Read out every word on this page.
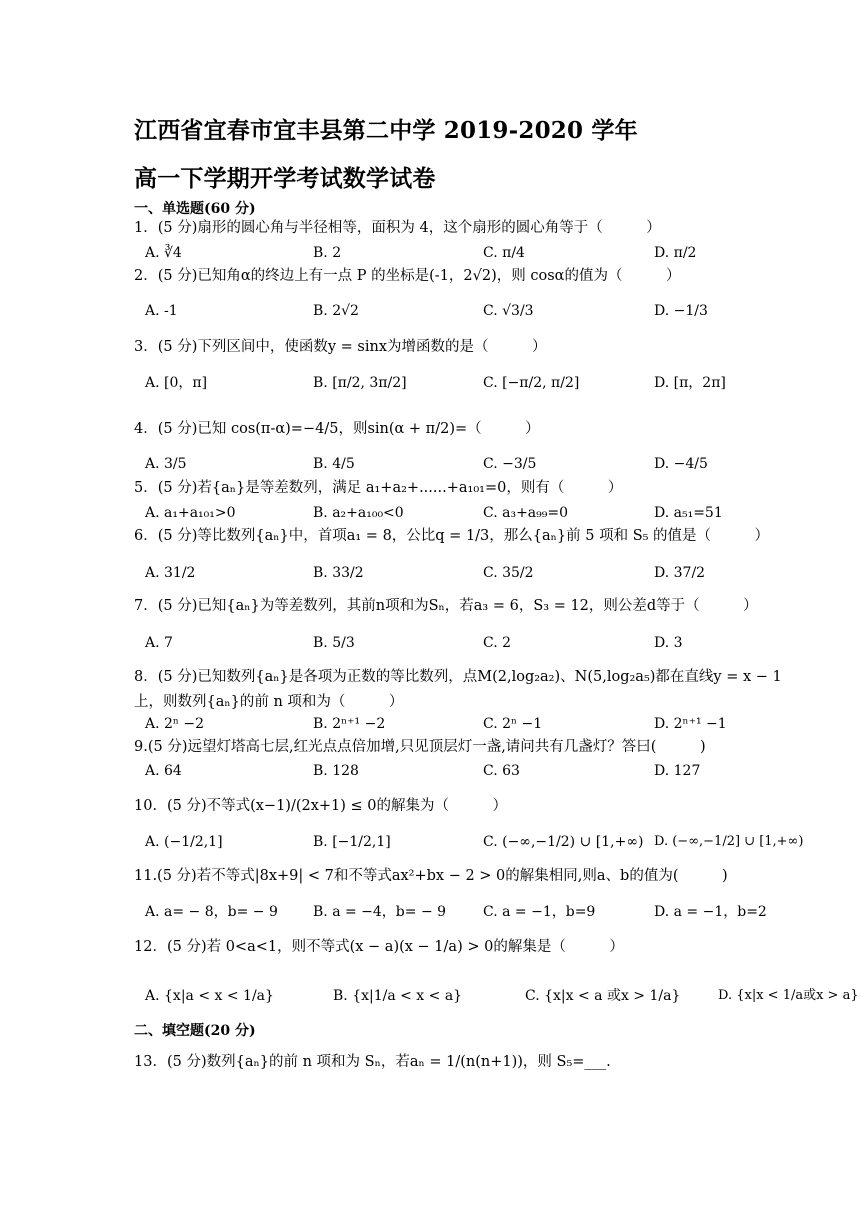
江西省宜春市宜丰县第二中学 2019-2020 学年
高一下学期开学考试数学试卷
一、单选题(60 分)
1．(5 分)扇形的圆心角与半径相等，面积为 4，这个扇形的圆心角等于（　　　）
A. ∛4	B. 2	C. π/4	D. π/2
2．(5 分)已知角α的终边上有一点 P 的坐标是(-1，2√2)，则 cosα的值为（　　　）
A. -1	B. 2√2	C. √3/3	D. −1/3
3．(5 分)下列区间中，使函数y = sinx为增函数的是（　　　）
A. [0，π]	B. [π/2, 3π/2]	C. [−π/2, π/2]	D. [π，2π]
4．(5 分)已知 cos(π-α)=−4/5，则sin(α + π/2)=（　　　）
A. 3/5	B. 4/5	C. −3/5	D. −4/5
5．(5 分)若{aₙ}是等差数列，满足 a₁+a₂+......+a₁₀₁=0，则有（　　　）
A. a₁+a₁₀₁>0	B. a₂+a₁₀₀<0	C. a₃+a₉₉=0	D. a₅₁=51
6．(5 分)等比数列{aₙ}中，首项a₁ = 8，公比q = 1/3，那么{aₙ}前 5 项和 S₅ 的值是（　　　）
A. 31/2	B. 33/2	C. 35/2	D. 37/2
7．(5 分)已知{aₙ}为等差数列，其前n项和为Sₙ，若a₃ = 6，S₃ = 12，则公差d等于（　　　）
A. 7	B. 5/3	C. 2	D. 3
8．(5 分)已知数列{aₙ}是各项为正数的等比数列，点M(2,log₂a₂)、N(5,log₂a₅)都在直线y = x − 1
上，则数列{aₙ}的前 n 项和为（　　　）
A. 2ⁿ −2	B. 2ⁿ⁺¹ −2	C. 2ⁿ −1	D. 2ⁿ⁺¹ −1
9.(5 分)远望灯塔高七层,红光点点倍加增,只见顶层灯一盏,请问共有几盏灯？答曰(　　　)
A. 64	B. 128	C. 63	D. 127
10．(5 分)不等式(x−1)/(2x+1) ≤ 0的解集为（　　　）
A. (−1/2,1]	B. [−1/2,1]	C. (−∞,−1/2) ∪ [1,+∞) D. (−∞,−1/2] ∪ [1,+∞)
11.(5 分)若不等式|8x+9| < 7和不等式ax²+bx − 2 > 0的解集相同,则a、b的值为(　　　)
A. a= − 8，b= − 9	B. a = −4，b= − 9	C. a = −1，b=9	D. a = −1，b=2
12．(5 分)若 0<a<1，则不等式(x − a)(x − 1/a) > 0的解集是（　　　）
A. {x|a < x < 1/a}	B. {x|1/a < x < a}	C. {x|x < a 或x > 1/a}	D. {x|x < 1/a或x > a}
二、填空题(20 分)
13．(5 分)数列{aₙ}的前 n 项和为 Sₙ，若aₙ = 1/(n(n+1))，则 S₅=___.
